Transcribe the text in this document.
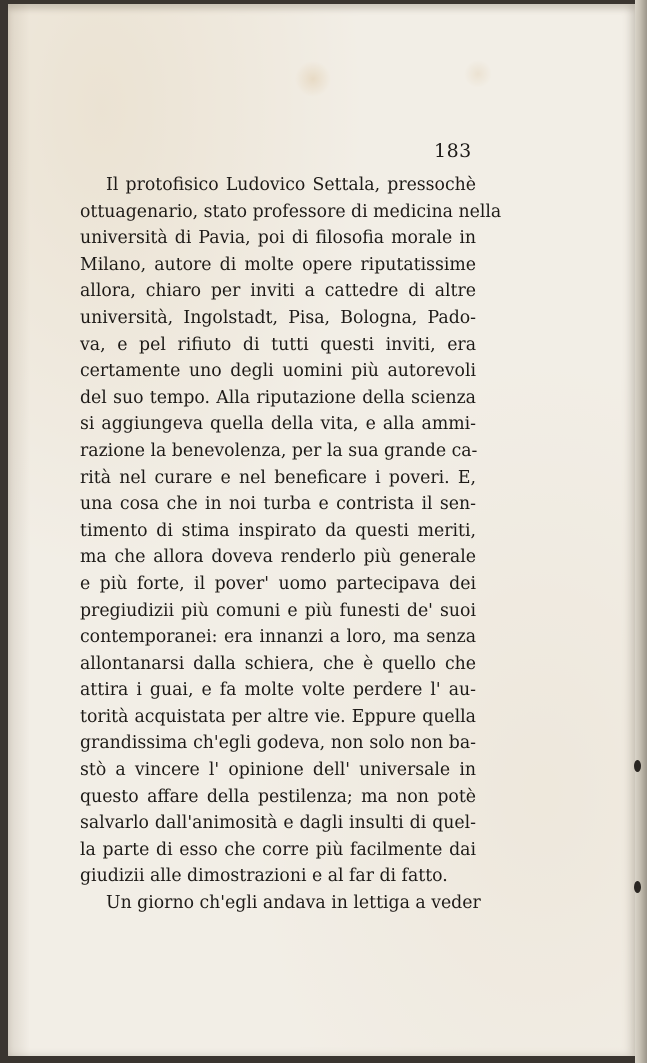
183
Il protofisico Ludovico Settala, pressochè
ottuagenario, stato professore di medicina nella
università di Pavia, poi di filosofia morale in
Milano, autore di molte opere riputatissime
allora, chiaro per inviti a cattedre di altre
università, Ingolstadt, Pisa, Bologna, Pado-
va, e pel rifiuto di tutti questi inviti, era
certamente uno degli uomini più autorevoli
del suo tempo. Alla riputazione della scienza
si aggiungeva quella della vita, e alla ammi-
razione la benevolenza, per la sua grande ca-
rità nel curare e nel beneficare i poveri. E,
una cosa che in noi turba e contrista il sen-
timento di stima inspirato da questi meriti,
ma che allora doveva renderlo più generale
e più forte, il pover' uomo partecipava dei
pregiudizii più comuni e più funesti de' suoi
contemporanei: era innanzi a loro, ma senza
allontanarsi dalla schiera, che è quello che
attira i guai, e fa molte volte perdere l' au-
torità acquistata per altre vie. Eppure quella
grandissima ch'egli godeva, non solo non ba-
stò a vincere l' opinione dell' universale in
questo affare della pestilenza; ma non potè
salvarlo dall'animosità e dagli insulti di quel-
la parte di esso che corre più facilmente dai
giudizii alle dimostrazioni e al far di fatto.
Un giorno ch'egli andava in lettiga a veder
